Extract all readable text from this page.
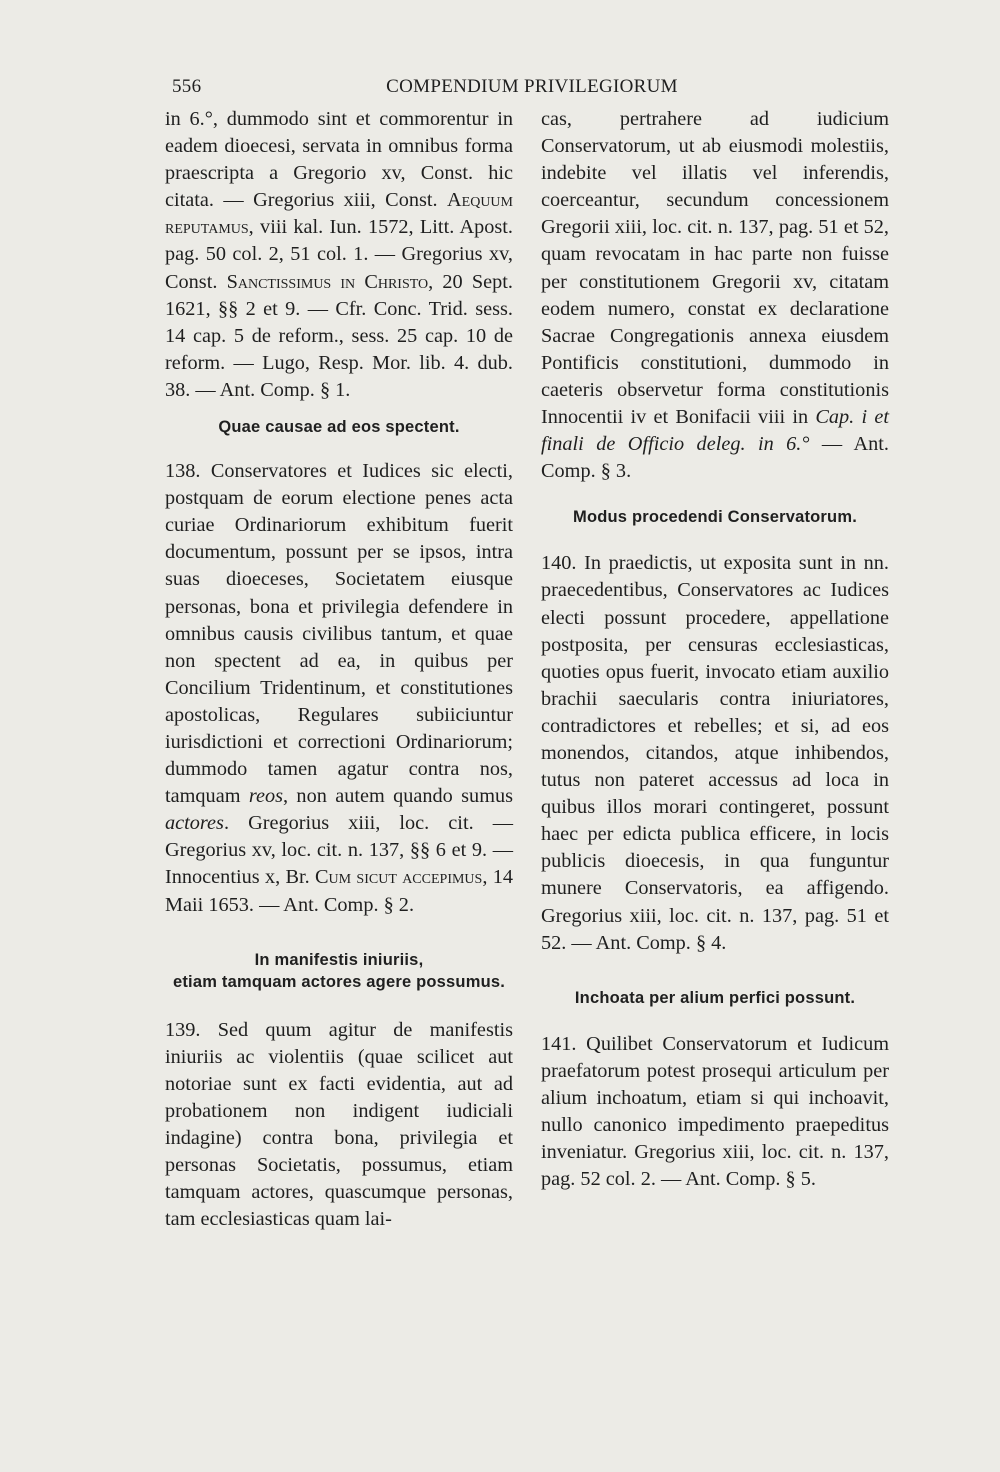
556	COMPENDIUM PRIVILEGIORUM

in 6.°, dummodo sint et commorentur in eadem dioecesi, servata in omnibus forma praescripta a Gregorio xv, Const. hic citata. — Gregorius xiii, Const. Aequum reputamus, viii kal. Iun. 1572, Litt. Apost. pag. 50 col. 2, 51 col. 1. — Gregorius xv, Const. Sanctissimus in Christo, 20 Sept. 1621, §§ 2 et 9. — Cfr. Conc. Trid. sess. 14 cap. 5 de reform., sess. 25 cap. 10 de reform. — Lugo, Resp. Mor. lib. 4. dub. 38. — Ant. Comp. § 1.

Quae causae ad eos spectent.

138. Conservatores et Iudices sic electi, postquam de eorum electione penes acta curiae Ordinariorum exhibitum fuerit documentum, possunt per se ipsos, intra suas dioeceses, Societatem eiusque personas, bona et privilegia defendere in omnibus causis civilibus tantum, et quae non spectent ad ea, in quibus per Concilium Tridentinum, et constitutiones apostolicas, Regulares subiiciuntur iurisdictioni et correctioni Ordinariorum; dummodo tamen agatur contra nos, tamquam reos, non autem quando sumus actores. Gregorius xiii, loc. cit. — Gregorius xv, loc. cit. n. 137, §§ 6 et 9. — Innocentius x, Br. Cum sicut accepimus, 14 Maii 1653. — Ant. Comp. § 2.

In manifestis iniuriis,
etiam tamquam actores agere possumus.

139. Sed quum agitur de manifestis iniuriis ac violentiis (quae scilicet aut notoriae sunt ex facti evidentia, aut ad probationem non indigent iudiciali indagine) contra bona, privilegia et personas Societatis, possumus, etiam tamquam actores, quascumque personas, tam ecclesiasticas quam lai-

cas, pertrahere ad iudicium Conservatorum, ut ab eiusmodi molestiis, indebite vel illatis vel inferendis, coerceantur, secundum concessionem Gregorii xiii, loc. cit. n. 137, pag. 51 et 52, quam revocatam in hac parte non fuisse per constitutionem Gregorii xv, citatam eodem numero, constat ex declaratione Sacrae Congregationis annexa eiusdem Pontificis constitutioni, dummodo in caeteris observetur forma constitutionis Innocentii iv et Bonifacii viii in Cap. i et finali de Officio deleg. in 6.° — Ant. Comp. § 3.

Modus procedendi Conservatorum.

140. In praedictis, ut exposita sunt in nn. praecedentibus, Conservatores ac Iudices electi possunt procedere, appellatione postposita, per censuras ecclesiasticas, quoties opus fuerit, invocato etiam auxilio brachii saecularis contra iniuriatores, contradictores et rebelles; et si, ad eos monendos, citandos, atque inhibendos, tutus non pateret accessus ad loca in quibus illos morari contingeret, possunt haec per edicta publica efficere, in locis publicis dioecesis, in qua funguntur munere Conservatoris, ea affigendo. Gregorius xiii, loc. cit. n. 137, pag. 51 et 52. — Ant. Comp. § 4.

Inchoata per alium perfici possunt.

141. Quilibet Conservatorum et Iudicum praefatorum potest prosequi articulum per alium inchoatum, etiam si qui inchoavit, nullo canonico impedimento praepeditus inveniatur. Gregorius xiii, loc. cit. n. 137, pag. 52 col. 2. — Ant. Comp. § 5.
